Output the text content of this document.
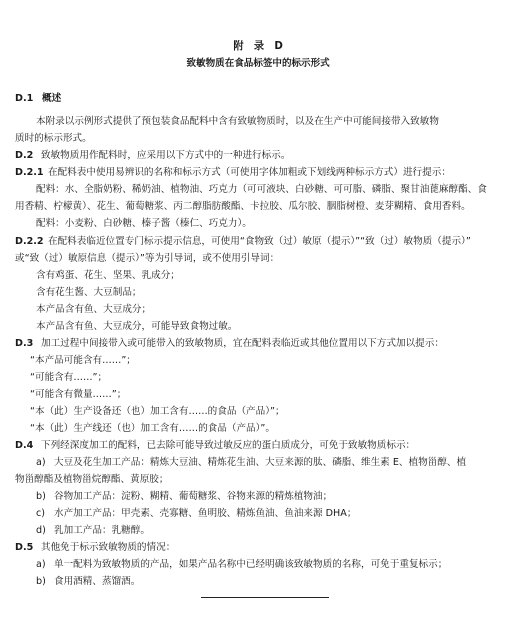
附　录　D
致敏物质在食品标签中的标示形式
D.1 概述
本附录以示例形式提供了预包装食品配料中含有致敏物质时，以及在生产中可能间接带入致敏物
质时的标示形式。
D.2 致敏物质用作配料时，应采用以下方式中的一种进行标示。
D.2.1 在配料表中使用易辨识的名称和标示方式（可使用字体加粗或下划线两种标示方式）进行提示：
配料：水、全脂奶粉、稀奶油、植物油、巧克力（可可液块、白砂糖、可可脂、磷脂、聚甘油蓖麻醇酯、食
用香精、柠檬黄）、花生、葡萄糖浆、丙二醇脂肪酸酯、卡拉胶、瓜尔胶、胭脂树橙、麦芽糊精、食用香料。
配料：小麦粉、白砂糖、榛子酱（榛仁、巧克力）。
D.2.2 在配料表临近位置专门标示提示信息，可使用“食物致（过）敏原（提示）”“致（过）敏物质（提示）”
或“致（过）敏原信息（提示）”等为引导词，或不使用引导词：
含有鸡蛋、花生、坚果、乳成分；
含有花生酱、大豆制品；
本产品含有鱼、大豆成分；
本产品含有鱼、大豆成分，可能导致食物过敏。
D.3 加工过程中间接带入或可能带入的致敏物质，宜在配料表临近或其他位置用以下方式加以提示：
“本产品可能含有……”；
“可能含有……”；
“可能含有微量……”；
“本（此）生产设备还（也）加工含有……的食品（产品）”；
“本（此）生产线还（也）加工含有……的食品（产品）”。
D.4 下列经深度加工的配料，已去除可能导致过敏反应的蛋白质成分，可免于致敏物质标示：
a) 大豆及花生加工产品：精炼大豆油、精炼花生油、大豆来源的肽、磷脂、维生素 E、植物甾醇、植
物甾醇酯及植物甾烷醇酯、黄原胶；
b) 谷物加工产品：淀粉、糊精、葡萄糖浆、谷物来源的精炼植物油；
c) 水产加工产品：甲壳素、壳寡糖、鱼明胶、精炼鱼油、鱼油来源 DHA；
d) 乳加工产品：乳糖醇。
D.5 其他免于标示致敏物质的情况：
a) 单一配料为致敏物质的产品，如果产品名称中已经明确该致敏物质的名称，可免于重复标示；
b) 食用酒精、蒸馏酒。
